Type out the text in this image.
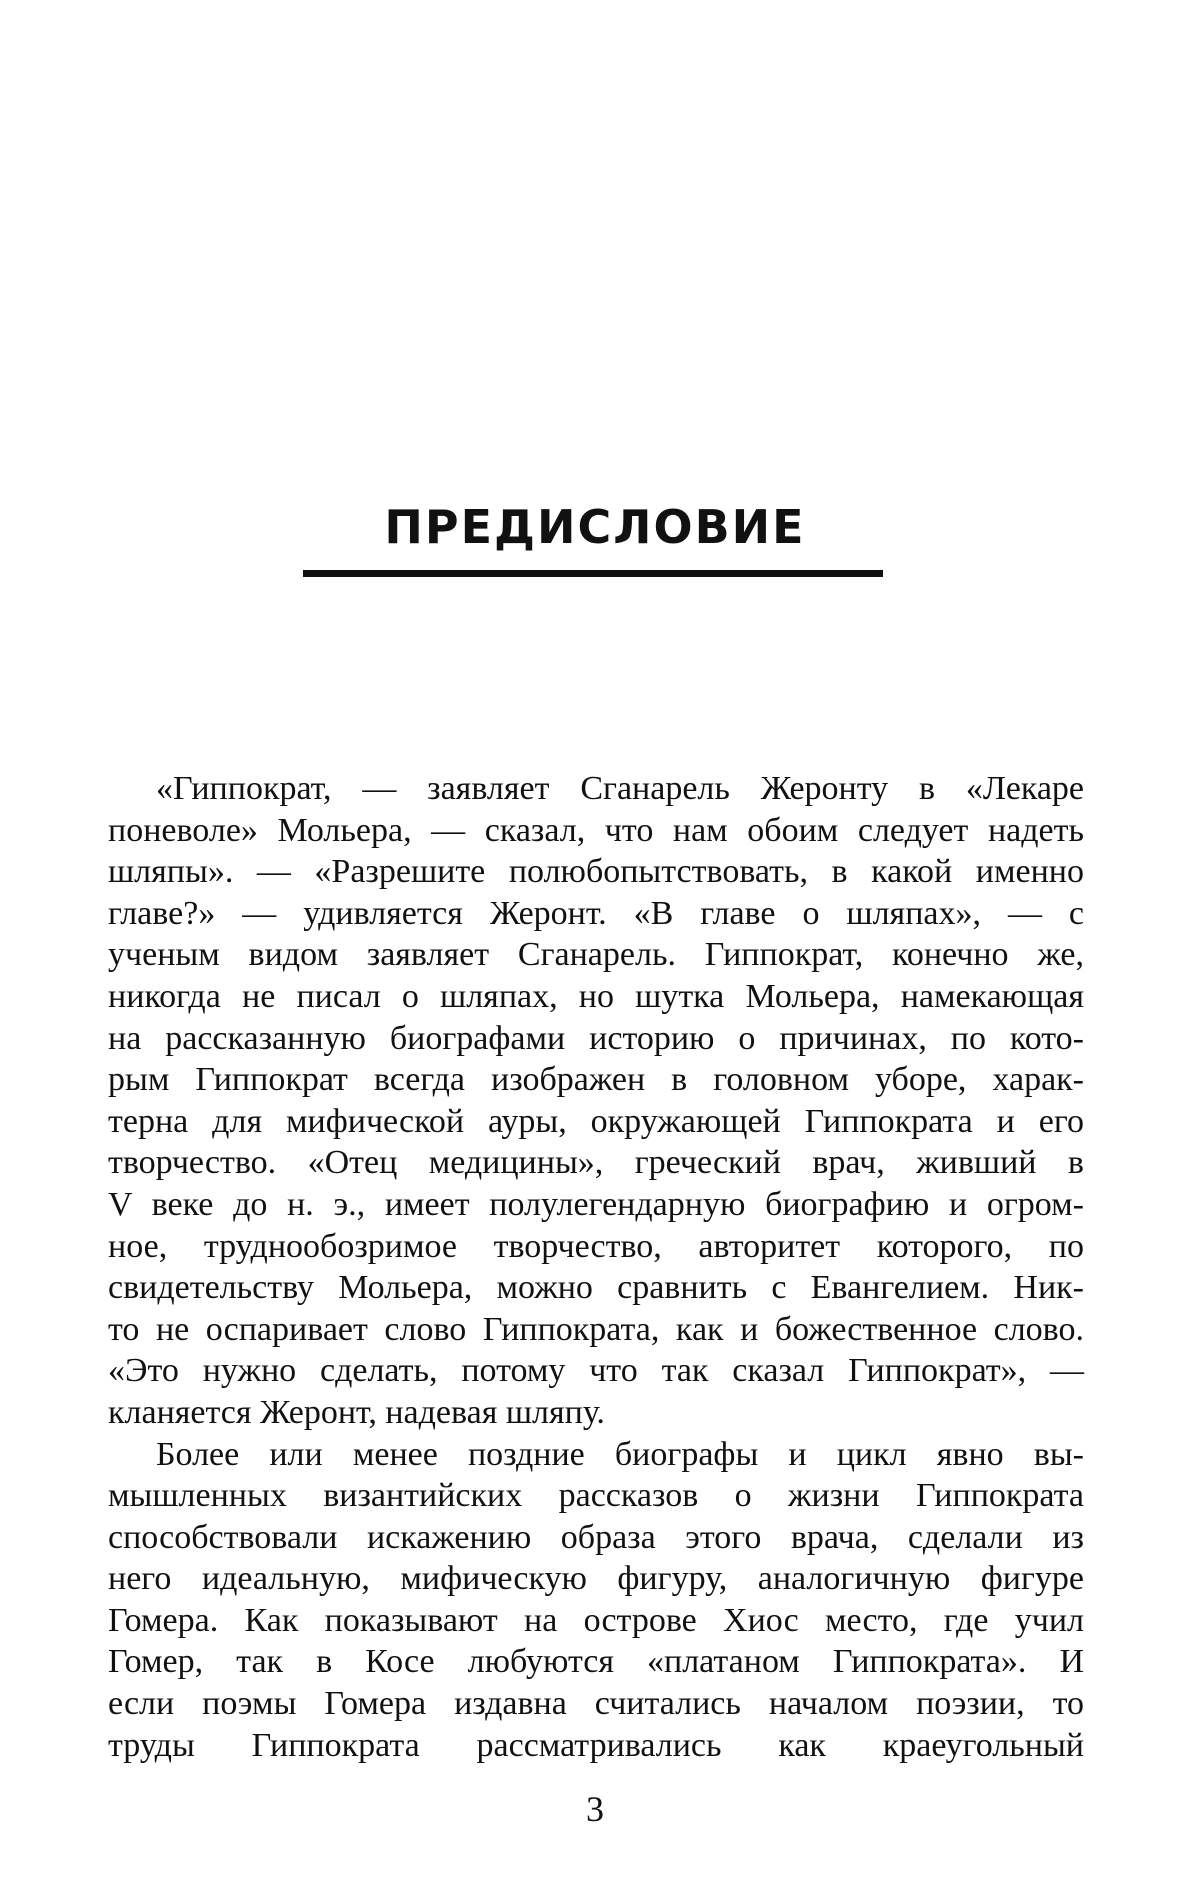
ПРЕДИСЛОВИЕ

«Гиппократ, — заявляет Сганарель Жеронту в «Лекаре
поневоле» Мольера, — сказал, что нам обоим следует надеть
шляпы». — «Разрешите полюбопытствовать, в какой именно
главе?» — удивляется Жеронт. «В главе о шляпах», — с
ученым видом заявляет Сганарель. Гиппократ, конечно же,
никогда не писал о шляпах, но шутка Мольера, намекающая
на рассказанную биографами историю о причинах, по кото-
рым Гиппократ всегда изображен в головном уборе, харак-
терна для мифической ауры, окружающей Гиппократа и его
творчество. «Отец медицины», греческий врач, живший в
V веке до н. э., имеет полулегендарную биографию и огром-
ное, труднообозримое творчество, авторитет которого, по
свидетельству Мольера, можно сравнить с Евангелием. Ник-
то не оспаривает слово Гиппократа, как и божественное слово.
«Это нужно сделать, потому что так сказал Гиппократ», —
кланяется Жеронт, надевая шляпу.

Более или менее поздние биографы и цикл явно вы-
мышленных византийских рассказов о жизни Гиппократа
способствовали искажению образа этого врача, сделали из
него идеальную, мифическую фигуру, аналогичную фигуре
Гомера. Как показывают на острове Хиос место, где учил
Гомер, так в Косе любуются «платаном Гиппократа». И
если поэмы Гомера издавна считались началом поэзии, то
труды Гиппократа рассматривались как краеугольный

3
